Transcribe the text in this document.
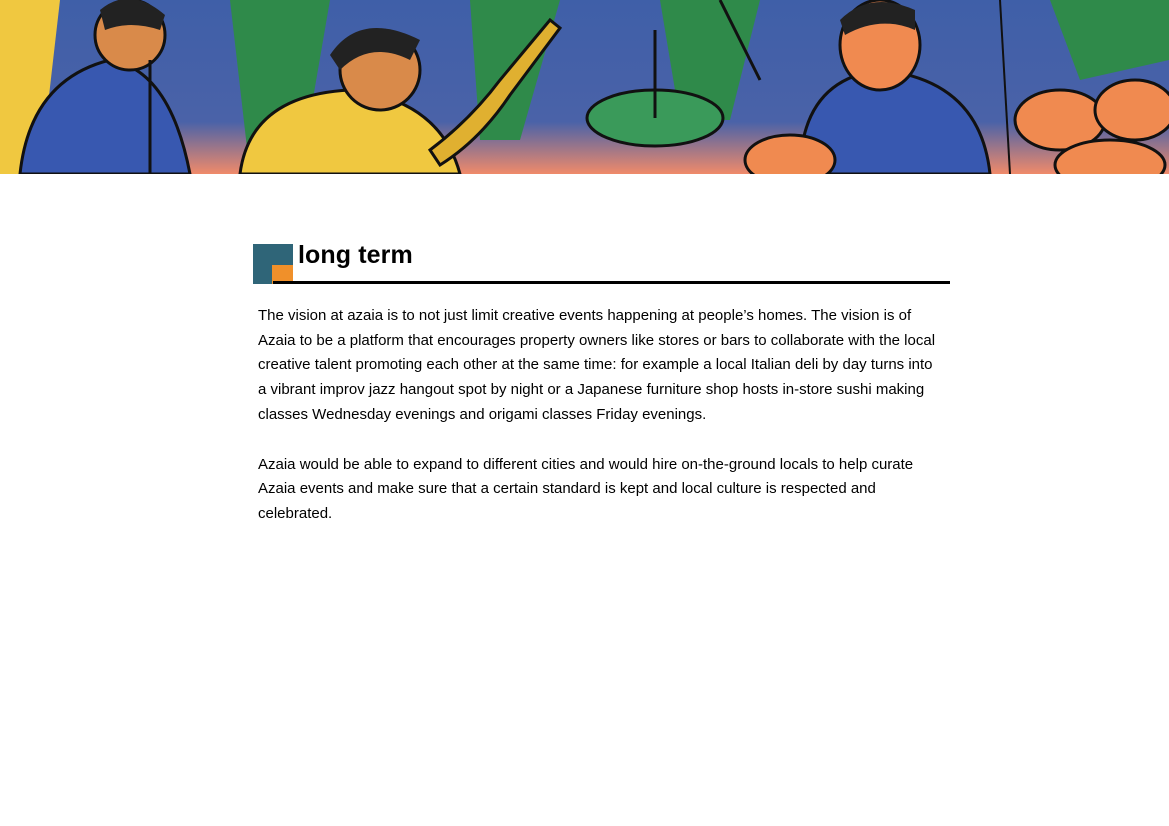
long term

The vision at azaia is to not just limit creative events happening at people’s homes. The vision is of Azaia to be a platform that encourages property owners like stores or bars to collaborate with the local creative talent promoting each other at the same time: for example a local Italian deli by day turns into a vibrant improv jazz hangout spot by night or a Japanese furniture shop hosts in-store sushi making classes Wednesday evenings and origami classes Friday evenings.

Azaia would be able to expand to different cities and would hire on-the-ground locals to help curate Azaia events and make sure that a certain standard is kept and local culture is respected and celebrated.
